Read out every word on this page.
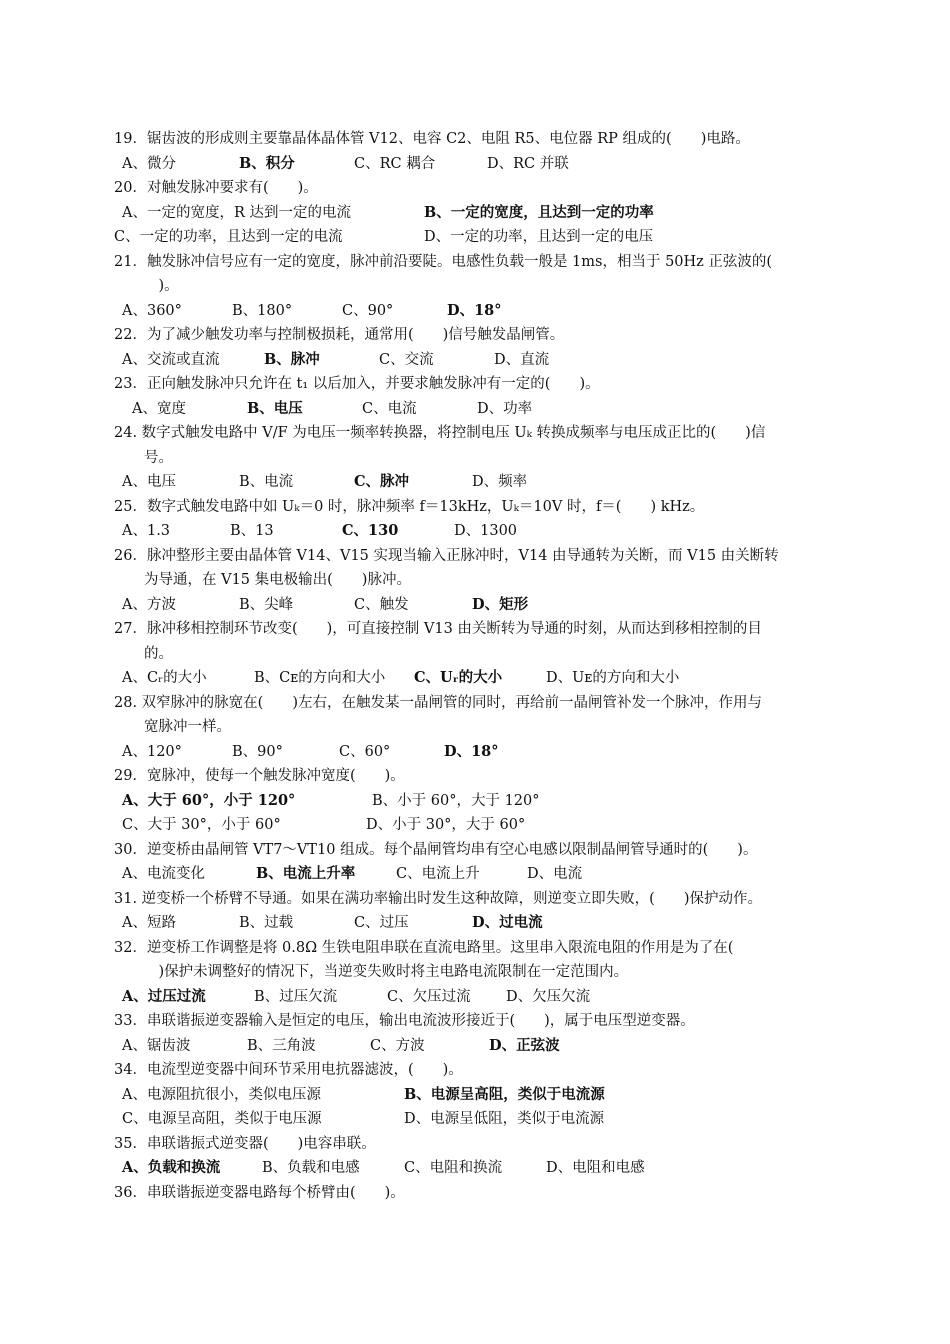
19．锯齿波的形成则主要靠晶体晶体管 V12、电容 C2、电阻 R5、电位器 RP 组成的(　　)电路。
A、微分	B、积分	C、RC 耦合	D、RC 并联
20．对触发脉冲要求有(　　)。
A、一定的宽度，R 达到一定的电流	B、一定的宽度，且达到一定的功率
C、一定的功率，且达到一定的电流	D、一定的功率，且达到一定的电压
21．触发脉冲信号应有一定的宽度，脉冲前沿要陡。电感性负载一般是 1ms，相当于 50Hz 正弦波的(
　)。
A、360°	B、180°	C、90°	D、18°
22．为了减少触发功率与控制极损耗，通常用(　　)信号触发晶闸管。
A、交流或直流	B、脉冲	C、交流	D、直流
23．正向触发脉冲只允许在 t₁ 以后加入，并要求触发脉冲有一定的(　　)。
A、宽度	B、电压	C、电流	D、功率
24. 数字式触发电路中 V/F 为电压一频率转换器，将控制电压 Uₖ 转换成频率与电压成正比的(　　)信
号。
A、电压	B、电流	C、脉冲	D、频率
25．数字式触发电路中如 Uₖ＝0 时，脉冲频率 f＝13kHz，Uₖ＝10V 时，f＝(　　) kHz。
A、1.3	B、13	C、130	D、1300
26．脉冲整形主要由晶体管 V14、V15 实现当输入正脉冲时，V14 由导通转为关断，而 V15 由关断转
为导通，在 V15 集电极输出(　　)脉冲。
A、方波	B、尖峰	C、触发	D、矩形
27．脉冲移相控制环节改变(　　)，可直接控制 V13 由关断转为导通的时刻，从而达到移相控制的目
的。
A、Cᵣ的大小	B、Cᴇ的方向和大小 C、Uᵣ的大小	D、Uᴇ的方向和大小
28. 双窄脉冲的脉宽在(　　)左右，在触发某一晶闸管的同时，再给前一晶闸管补发一个脉冲，作用与
宽脉冲一样。
A、120°	B、90°	C、60°	D、18°
29．宽脉冲，使每一个触发脉冲宽度(　　)。
A、大于 60°，小于 120°	B、小于 60°，大于 120°
C、大于 30°，小于 60°	D、小于 30°，大于 60°
30．逆变桥由晶闸管 VT7～VT10 组成。每个晶闸管均串有空心电感以限制晶闸管导通时的(　　)。
A、电流变化	B、电流上升率	C、电流上升	D、电流
31. 逆变桥一个桥臂不导通。如果在满功率输出时发生这种故障，则逆变立即失败，(　　)保护动作。
A、短路	B、过载	C、过压	D、过电流
32．逆变桥工作调整是将 0.8Ω 生铁电阻串联在直流电路里。这里串入限流电阻的作用是为了在(
　)保护未调整好的情况下，当逆变失败时将主电路电流限制在一定范围内。
A、过压过流	B、过压欠流	C、欠压过流 D、欠压欠流
33．串联谐振逆变器输入是恒定的电压，输出电流波形接近于(　　)，属于电压型逆变器。
A、锯齿波	B、三角波	C、方波	D、正弦波
34．电流型逆变器中间环节采用电抗器滤波，(　　)。
A、电源阻抗很小，类似电压源	B、电源呈高阻，类似于电流源
C、电源呈高阻，类似于电压源	D、电源呈低阻，类似于电流源
35．串联谐振式逆变器(　　)电容串联。
A、负载和换流	B、负载和电感	C、电阻和换流	D、电阻和电感
36．串联谐振逆变器电路每个桥臂由(　　)。
